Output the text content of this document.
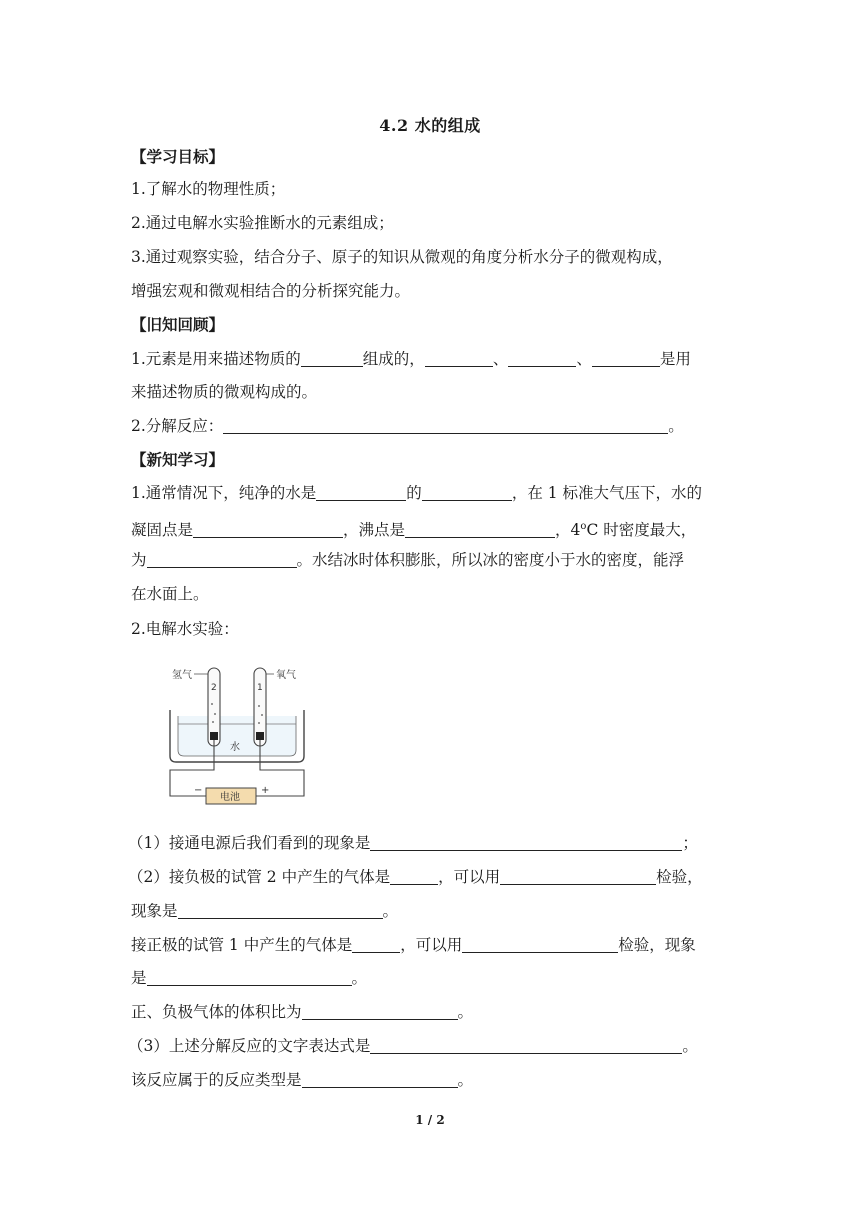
4.2 水的组成
【学习目标】
1.了解水的物理性质；
2.通过电解水实验推断水的元素组成；
3.通过观察实验，结合分子、原子的知识从微观的角度分析水分子的微观构成，
增强宏观和微观相结合的分析探究能力。
【旧知回顾】
1.元素是用来描述物质的	组成的，	、	、	是用
来描述物质的微观构成的。
2.分解反应：	。
【新知学习】
1.通常情况下，纯净的水是	的	，在 1 标准大气压下，水的
凝固点是	，沸点是	，4$^o$C 时密度最大，
为	。水结冰时体积膨胀，所以冰的密度小于水的密度，能浮
在水面上。
2.电解水实验：
氢气	氧气
2	1
水
电池
−	+
（1）接通电源后我们看到的现象是	；
（2）接负极的试管 2 中产生的气体是	，可以用	检验，
现象是	。
接正极的试管 1 中产生的气体是	，可以用	检验，现象
是	。
正、负极气体的体积比为	。
（3）上述分解反应的文字表达式是	。
该反应属于的反应类型是	。
1 / 2
